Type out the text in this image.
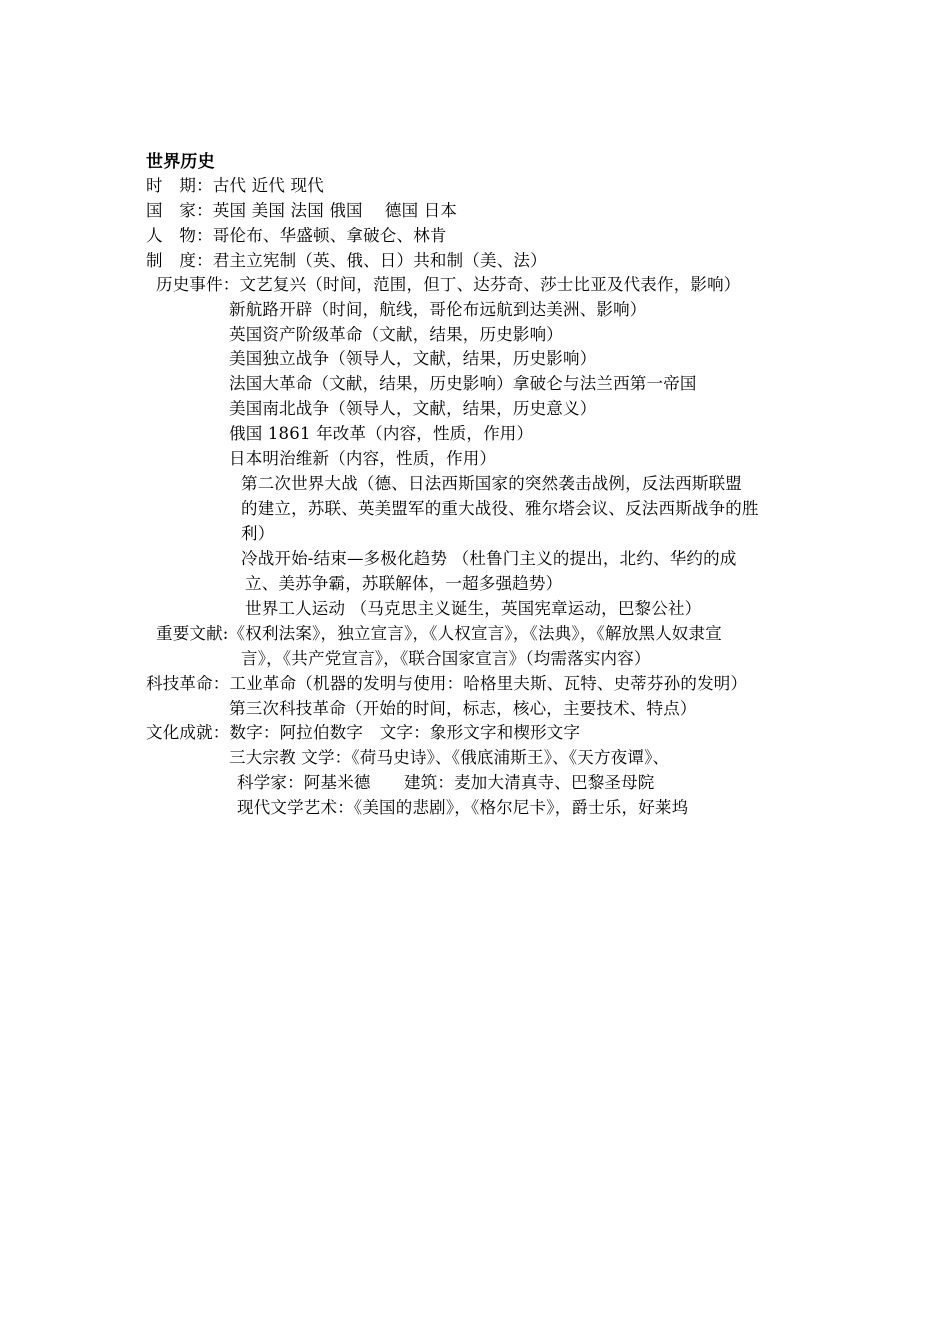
世界历史
时　期：古代 近代 现代
国　家：英国 美国 法国 俄国　 德国 日本
人　物：哥伦布、华盛顿、拿破仑、林肯
制　度：君主立宪制（英、俄、日）共和制（美、法）
历史事件：文艺复兴（时间，范围，但丁、达芬奇、莎士比亚及代表作，影响）
新航路开辟（时间，航线，哥伦布远航到达美洲、影响）
英国资产阶级革命（文献，结果，历史影响）
美国独立战争（领导人，文献，结果，历史影响）
法国大革命（文献，结果，历史影响）拿破仑与法兰西第一帝国
美国南北战争（领导人，文献，结果，历史意义）
俄国 1861 年改革（内容，性质，作用）
日本明治维新（内容，性质，作用）
第二次世界大战（德、日法西斯国家的突然袭击战例，反法西斯联盟
的建立，苏联、英美盟军的重大战役、雅尔塔会议、反法西斯战争的胜
利）
冷战开始-结束—多极化趋势 （杜鲁门主义的提出，北约、华约的成
立、美苏争霸，苏联解体，一超多强趋势）
世界工人运动 （马克思主义诞生，英国宪章运动，巴黎公社）
重要文献:《权利法案》，独立宣言》，《人权宣言》，《法典》，《解放黑人奴隶宣
言》，《共产党宣言》，《联合国家宣言》（均需落实内容）
科技革命：工业革命（机器的发明与使用：哈格里夫斯、瓦特、史蒂芬孙的发明）
第三次科技革命（开始的时间，标志，核心，主要技术、特点）
文化成就：数字：阿拉伯数字　文字：象形文字和楔形文字
三大宗教 文学：《荷马史诗》、《俄底浦斯王》、《天方夜谭》、
科学家：阿基米德　　建筑：麦加大清真寺、巴黎圣母院
现代文学艺术：《美国的悲剧》，《格尔尼卡》，爵士乐，好莱坞
